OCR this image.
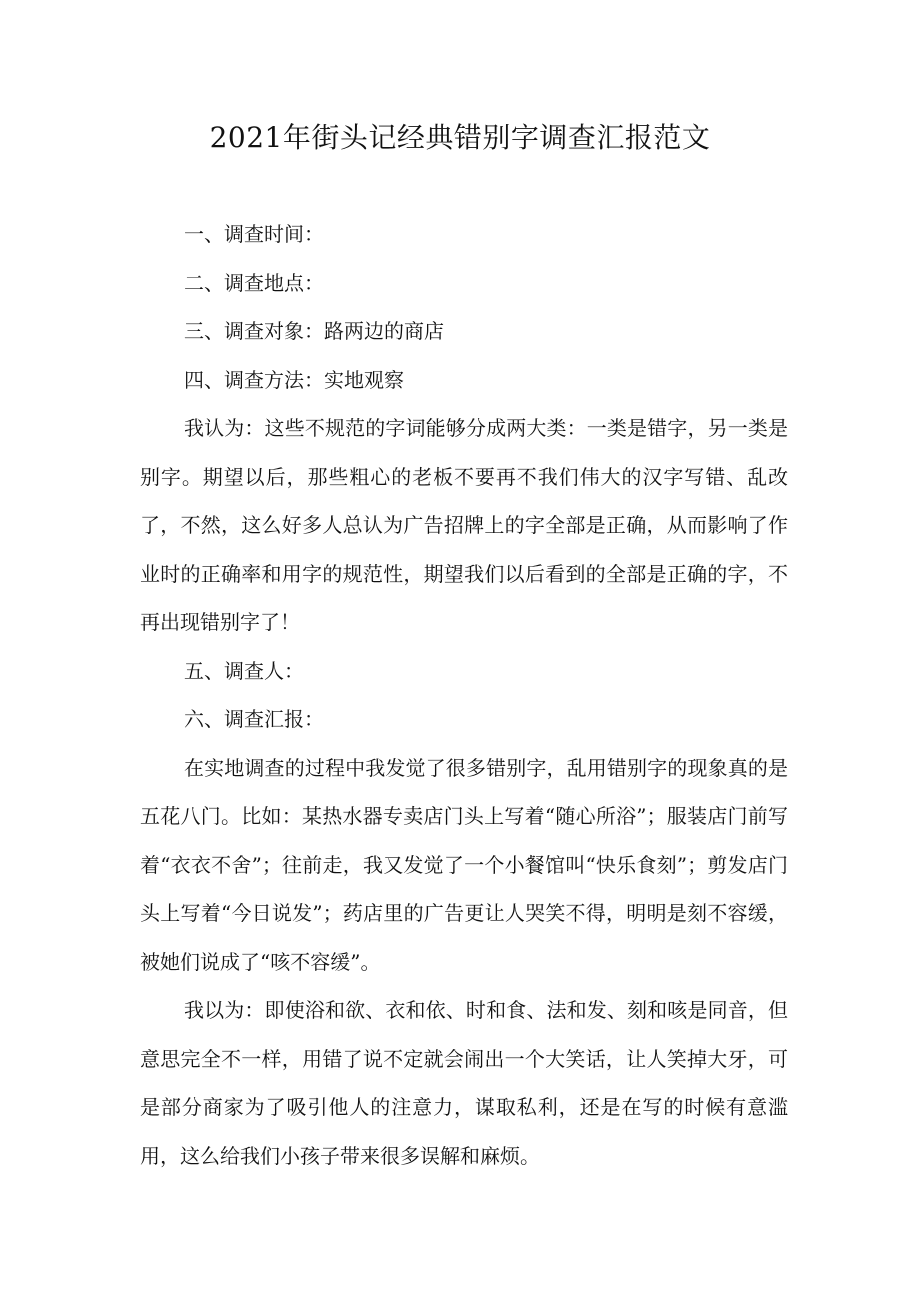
2021年街头记经典错别字调查汇报范文

一、调查时间：

二、调查地点：

三、调查对象：路两边的商店

四、调查方法：实地观察

我认为：这些不规范的字词能够分成两大类：一类是错字，另一类是别字。期望以后，那些粗心的老板不要再不我们伟大的汉字写错、乱改了，不然，这么好多人总认为广告招牌上的字全部是正确，从而影响了作业时的正确率和用字的规范性，期望我们以后看到的全部是正确的字，不再出现错别字了！

五、调查人：

六、调查汇报：

在实地调查的过程中我发觉了很多错别字，乱用错别字的现象真的是五花八门。比如：某热水器专卖店门头上写着“随心所浴”；服装店门前写着“衣衣不舍”；往前走，我又发觉了一个小餐馆叫“快乐食刻”；剪发店门头上写着“今日说发”；药店里的广告更让人哭笑不得，明明是刻不容缓，被她们说成了“咳不容缓”。

我以为：即使浴和欲、衣和依、时和食、法和发、刻和咳是同音，但意思完全不一样，用错了说不定就会闹出一个大笑话，让人笑掉大牙，可是部分商家为了吸引他人的注意力，谋取私利，还是在写的时候有意滥用，这么给我们小孩子带来很多误解和麻烦。
